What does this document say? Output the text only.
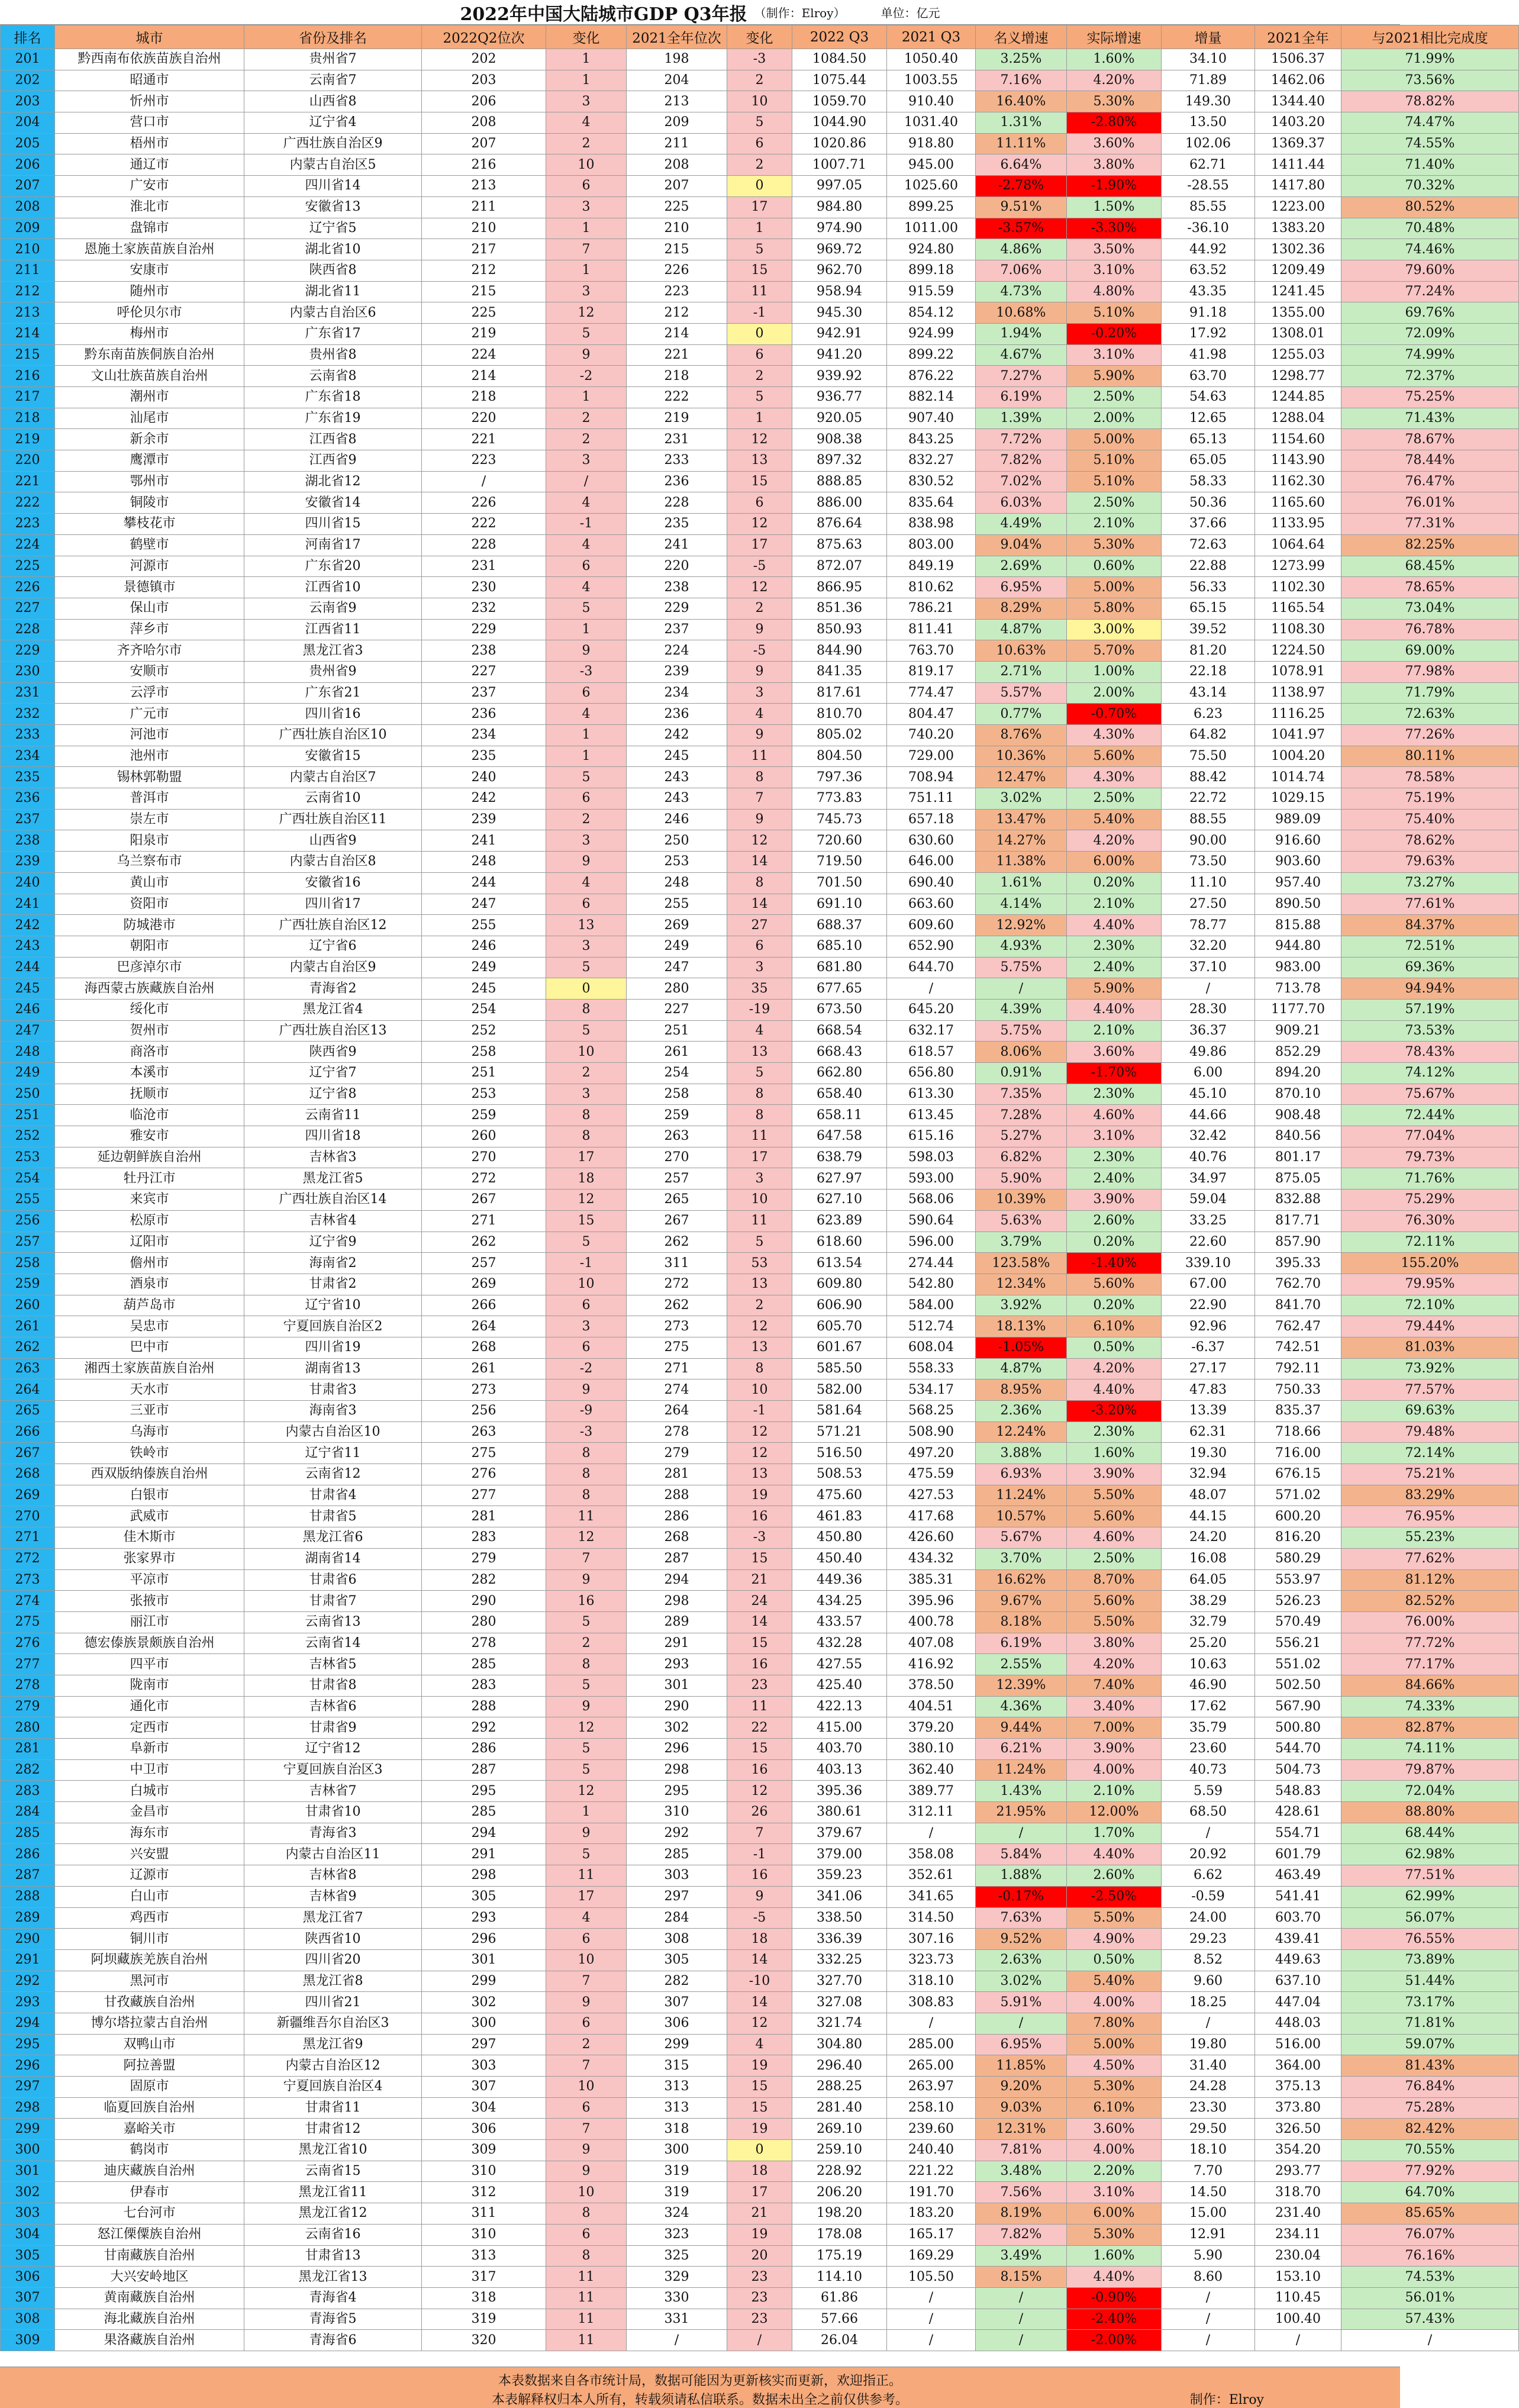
2022年中国大陆城市GDP Q3年报 （制作：Elroy）	单位：亿元
排名	城市	省份及排名	2022Q2位次	变化	2021全年位次	变化	2022 Q3	2021 Q3	名义增速	实际增速	增量	2021全年	与2021相比完成度
201	黔西南布依族苗族自治州	贵州省7	202	1	198	-3	1084.50	1050.40	3.25%	1.60%	34.10	1506.37	71.99%
202	昭通市	云南省7	203	1	204	2	1075.44	1003.55	7.16%	4.20%	71.89	1462.06	73.56%
203	忻州市	山西省8	206	3	213	10	1059.70	910.40	16.40%	5.30%	149.30	1344.40	78.82%
204	营口市	辽宁省4	208	4	209	5	1044.90	1031.40	1.31%	-2.80%	13.50	1403.20	74.47%
205	梧州市	广西壮族自治区9	207	2	211	6	1020.86	918.80	11.11%	3.60%	102.06	1369.37	74.55%
206	通辽市	内蒙古自治区5	216	10	208	2	1007.71	945.00	6.64%	3.80%	62.71	1411.44	71.40%
207	广安市	四川省14	213	6	207	0	997.05	1025.60	-2.78%	-1.90%	-28.55	1417.80	70.32%
208	淮北市	安徽省13	211	3	225	17	984.80	899.25	9.51%	1.50%	85.55	1223.00	80.52%
209	盘锦市	辽宁省5	210	1	210	1	974.90	1011.00	-3.57%	-3.30%	-36.10	1383.20	70.48%
210	恩施土家族苗族自治州	湖北省10	217	7	215	5	969.72	924.80	4.86%	3.50%	44.92	1302.36	74.46%
211	安康市	陕西省8	212	1	226	15	962.70	899.18	7.06%	3.10%	63.52	1209.49	79.60%
212	随州市	湖北省11	215	3	223	11	958.94	915.59	4.73%	4.80%	43.35	1241.45	77.24%
213	呼伦贝尔市	内蒙古自治区6	225	12	212	-1	945.30	854.12	10.68%	5.10%	91.18	1355.00	69.76%
214	梅州市	广东省17	219	5	214	0	942.91	924.99	1.94%	-0.20%	17.92	1308.01	72.09%
215	黔东南苗族侗族自治州	贵州省8	224	9	221	6	941.20	899.22	4.67%	3.10%	41.98	1255.03	74.99%
216	文山壮族苗族自治州	云南省8	214	-2	218	2	939.92	876.22	7.27%	5.90%	63.70	1298.77	72.37%
217	潮州市	广东省18	218	1	222	5	936.77	882.14	6.19%	2.50%	54.63	1244.85	75.25%
218	汕尾市	广东省19	220	2	219	1	920.05	907.40	1.39%	2.00%	12.65	1288.04	71.43%
219	新余市	江西省8	221	2	231	12	908.38	843.25	7.72%	5.00%	65.13	1154.60	78.67%
220	鹰潭市	江西省9	223	3	233	13	897.32	832.27	7.82%	5.10%	65.05	1143.90	78.44%
221	鄂州市	湖北省12	/	/	236	15	888.85	830.52	7.02%	5.10%	58.33	1162.30	76.47%
222	铜陵市	安徽省14	226	4	228	6	886.00	835.64	6.03%	2.50%	50.36	1165.60	76.01%
223	攀枝花市	四川省15	222	-1	235	12	876.64	838.98	4.49%	2.10%	37.66	1133.95	77.31%
224	鹤壁市	河南省17	228	4	241	17	875.63	803.00	9.04%	5.30%	72.63	1064.64	82.25%
225	河源市	广东省20	231	6	220	-5	872.07	849.19	2.69%	0.60%	22.88	1273.99	68.45%
226	景德镇市	江西省10	230	4	238	12	866.95	810.62	6.95%	5.00%	56.33	1102.30	78.65%
227	保山市	云南省9	232	5	229	2	851.36	786.21	8.29%	5.80%	65.15	1165.54	73.04%
228	萍乡市	江西省11	229	1	237	9	850.93	811.41	4.87%	3.00%	39.52	1108.30	76.78%
229	齐齐哈尔市	黑龙江省3	238	9	224	-5	844.90	763.70	10.63%	5.70%	81.20	1224.50	69.00%
230	安顺市	贵州省9	227	-3	239	9	841.35	819.17	2.71%	1.00%	22.18	1078.91	77.98%
231	云浮市	广东省21	237	6	234	3	817.61	774.47	5.57%	2.00%	43.14	1138.97	71.79%
232	广元市	四川省16	236	4	236	4	810.70	804.47	0.77%	-0.70%	6.23	1116.25	72.63%
233	河池市	广西壮族自治区10	234	1	242	9	805.02	740.20	8.76%	4.30%	64.82	1041.97	77.26%
234	池州市	安徽省15	235	1	245	11	804.50	729.00	10.36%	5.60%	75.50	1004.20	80.11%
235	锡林郭勒盟	内蒙古自治区7	240	5	243	8	797.36	708.94	12.47%	4.30%	88.42	1014.74	78.58%
236	普洱市	云南省10	242	6	243	7	773.83	751.11	3.02%	2.50%	22.72	1029.15	75.19%
237	崇左市	广西壮族自治区11	239	2	246	9	745.73	657.18	13.47%	5.40%	88.55	989.09	75.40%
238	阳泉市	山西省9	241	3	250	12	720.60	630.60	14.27%	4.20%	90.00	916.60	78.62%
239	乌兰察布市	内蒙古自治区8	248	9	253	14	719.50	646.00	11.38%	6.00%	73.50	903.60	79.63%
240	黄山市	安徽省16	244	4	248	8	701.50	690.40	1.61%	0.20%	11.10	957.40	73.27%
241	资阳市	四川省17	247	6	255	14	691.10	663.60	4.14%	2.10%	27.50	890.50	77.61%
242	防城港市	广西壮族自治区12	255	13	269	27	688.37	609.60	12.92%	4.40%	78.77	815.88	84.37%
243	朝阳市	辽宁省6	246	3	249	6	685.10	652.90	4.93%	2.30%	32.20	944.80	72.51%
244	巴彦淖尔市	内蒙古自治区9	249	5	247	3	681.80	644.70	5.75%	2.40%	37.10	983.00	69.36%
245	海西蒙古族藏族自治州	青海省2	245	0	280	35	677.65	/	/	5.90%	/	713.78	94.94%
246	绥化市	黑龙江省4	254	8	227	-19	673.50	645.20	4.39%	4.40%	28.30	1177.70	57.19%
247	贺州市	广西壮族自治区13	252	5	251	4	668.54	632.17	5.75%	2.10%	36.37	909.21	73.53%
248	商洛市	陕西省9	258	10	261	13	668.43	618.57	8.06%	3.60%	49.86	852.29	78.43%
249	本溪市	辽宁省7	251	2	254	5	662.80	656.80	0.91%	-1.70%	6.00	894.20	74.12%
250	抚顺市	辽宁省8	253	3	258	8	658.40	613.30	7.35%	2.30%	45.10	870.10	75.67%
251	临沧市	云南省11	259	8	259	8	658.11	613.45	7.28%	4.60%	44.66	908.48	72.44%
252	雅安市	四川省18	260	8	263	11	647.58	615.16	5.27%	3.10%	32.42	840.56	77.04%
253	延边朝鲜族自治州	吉林省3	270	17	270	17	638.79	598.03	6.82%	2.30%	40.76	801.17	79.73%
254	牡丹江市	黑龙江省5	272	18	257	3	627.97	593.00	5.90%	2.40%	34.97	875.05	71.76%
255	来宾市	广西壮族自治区14	267	12	265	10	627.10	568.06	10.39%	3.90%	59.04	832.88	75.29%
256	松原市	吉林省4	271	15	267	11	623.89	590.64	5.63%	2.60%	33.25	817.71	76.30%
257	辽阳市	辽宁省9	262	5	262	5	618.60	596.00	3.79%	0.20%	22.60	857.90	72.11%
258	儋州市	海南省2	257	-1	311	53	613.54	274.44	123.58%	-1.40%	339.10	395.33	155.20%
259	酒泉市	甘肃省2	269	10	272	13	609.80	542.80	12.34%	5.60%	67.00	762.70	79.95%
260	葫芦岛市	辽宁省10	266	6	262	2	606.90	584.00	3.92%	0.20%	22.90	841.70	72.10%
261	吴忠市	宁夏回族自治区2	264	3	273	12	605.70	512.74	18.13%	6.10%	92.96	762.47	79.44%
262	巴中市	四川省19	268	6	275	13	601.67	608.04	-1.05%	0.50%	-6.37	742.51	81.03%
263	湘西土家族苗族自治州	湖南省13	261	-2	271	8	585.50	558.33	4.87%	4.20%	27.17	792.11	73.92%
264	天水市	甘肃省3	273	9	274	10	582.00	534.17	8.95%	4.40%	47.83	750.33	77.57%
265	三亚市	海南省3	256	-9	264	-1	581.64	568.25	2.36%	-3.20%	13.39	835.37	69.63%
266	乌海市	内蒙古自治区10	263	-3	278	12	571.21	508.90	12.24%	2.30%	62.31	718.66	79.48%
267	铁岭市	辽宁省11	275	8	279	12	516.50	497.20	3.88%	1.60%	19.30	716.00	72.14%
268	西双版纳傣族自治州	云南省12	276	8	281	13	508.53	475.59	6.93%	3.90%	32.94	676.15	75.21%
269	白银市	甘肃省4	277	8	288	19	475.60	427.53	11.24%	5.50%	48.07	571.02	83.29%
270	武威市	甘肃省5	281	11	286	16	461.83	417.68	10.57%	5.60%	44.15	600.20	76.95%
271	佳木斯市	黑龙江省6	283	12	268	-3	450.80	426.60	5.67%	4.60%	24.20	816.20	55.23%
272	张家界市	湖南省14	279	7	287	15	450.40	434.32	3.70%	2.50%	16.08	580.29	77.62%
273	平凉市	甘肃省6	282	9	294	21	449.36	385.31	16.62%	8.70%	64.05	553.97	81.12%
274	张掖市	甘肃省7	290	16	298	24	434.25	395.96	9.67%	5.60%	38.29	526.23	82.52%
275	丽江市	云南省13	280	5	289	14	433.57	400.78	8.18%	5.50%	32.79	570.49	76.00%
276	德宏傣族景颇族自治州	云南省14	278	2	291	15	432.28	407.08	6.19%	3.80%	25.20	556.21	77.72%
277	四平市	吉林省5	285	8	293	16	427.55	416.92	2.55%	4.20%	10.63	551.02	77.17%
278	陇南市	甘肃省8	283	5	301	23	425.40	378.50	12.39%	7.40%	46.90	502.50	84.66%
279	通化市	吉林省6	288	9	290	11	422.13	404.51	4.36%	3.40%	17.62	567.90	74.33%
280	定西市	甘肃省9	292	12	302	22	415.00	379.20	9.44%	7.00%	35.79	500.80	82.87%
281	阜新市	辽宁省12	286	5	296	15	403.70	380.10	6.21%	3.90%	23.60	544.70	74.11%
282	中卫市	宁夏回族自治区3	287	5	298	16	403.13	362.40	11.24%	4.00%	40.73	504.73	79.87%
283	白城市	吉林省7	295	12	295	12	395.36	389.77	1.43%	2.10%	5.59	548.83	72.04%
284	金昌市	甘肃省10	285	1	310	26	380.61	312.11	21.95%	12.00%	68.50	428.61	88.80%
285	海东市	青海省3	294	9	292	7	379.67	/	/	1.70%	/	554.71	68.44%
286	兴安盟	内蒙古自治区11	291	5	285	-1	379.00	358.08	5.84%	4.40%	20.92	601.79	62.98%
287	辽源市	吉林省8	298	11	303	16	359.23	352.61	1.88%	2.60%	6.62	463.49	77.51%
288	白山市	吉林省9	305	17	297	9	341.06	341.65	-0.17%	-2.50%	-0.59	541.41	62.99%
289	鸡西市	黑龙江省7	293	4	284	-5	338.50	314.50	7.63%	5.50%	24.00	603.70	56.07%
290	铜川市	陕西省10	296	6	308	18	336.39	307.16	9.52%	4.90%	29.23	439.41	76.55%
291	阿坝藏族羌族自治州	四川省20	301	10	305	14	332.25	323.73	2.63%	0.50%	8.52	449.63	73.89%
292	黑河市	黑龙江省8	299	7	282	-10	327.70	318.10	3.02%	5.40%	9.60	637.10	51.44%
293	甘孜藏族自治州	四川省21	302	9	307	14	327.08	308.83	5.91%	4.00%	18.25	447.04	73.17%
294	博尔塔拉蒙古自治州	新疆维吾尔自治区3	300	6	306	12	321.74	/	/	7.80%	/	448.03	71.81%
295	双鸭山市	黑龙江省9	297	2	299	4	304.80	285.00	6.95%	5.00%	19.80	516.00	59.07%
296	阿拉善盟	内蒙古自治区12	303	7	315	19	296.40	265.00	11.85%	4.50%	31.40	364.00	81.43%
297	固原市	宁夏回族自治区4	307	10	313	15	288.25	263.97	9.20%	5.30%	24.28	375.13	76.84%
298	临夏回族自治州	甘肃省11	304	6	313	15	281.40	258.10	9.03%	6.10%	23.30	373.80	75.28%
299	嘉峪关市	甘肃省12	306	7	318	19	269.10	239.60	12.31%	3.60%	29.50	326.50	82.42%
300	鹤岗市	黑龙江省10	309	9	300	0	259.10	240.40	7.81%	4.00%	18.10	354.20	70.55%
301	迪庆藏族自治州	云南省15	310	9	319	18	228.92	221.22	3.48%	2.20%	7.70	293.77	77.92%
302	伊春市	黑龙江省11	312	10	319	17	206.20	191.70	7.56%	3.10%	14.50	318.70	64.70%
303	七台河市	黑龙江省12	311	8	324	21	198.20	183.20	8.19%	6.00%	15.00	231.40	85.65%
304	怒江傈僳族自治州	云南省16	310	6	323	19	178.08	165.17	7.82%	5.30%	12.91	234.11	76.07%
305	甘南藏族自治州	甘肃省13	313	8	325	20	175.19	169.29	3.49%	1.60%	5.90	230.04	76.16%
306	大兴安岭地区	黑龙江省13	317	11	329	23	114.10	105.50	8.15%	4.40%	8.60	153.10	74.53%
307	黄南藏族自治州	青海省4	318	11	330	23	61.86	/	/	-0.90%	/	110.45	56.01%
308	海北藏族自治州	青海省5	319	11	331	23	57.66	/	/	-2.40%	/	100.40	57.43%
309	果洛藏族自治州	青海省6	320	11	/	/	26.04	/	/	-2.00%	/	/	/
本表数据来自各市统计局，数据可能因为更新核实而更新，欢迎指正。
本表解释权归本人所有，转载须请私信联系。数据未出全之前仅供参考。	制作：Elroy
